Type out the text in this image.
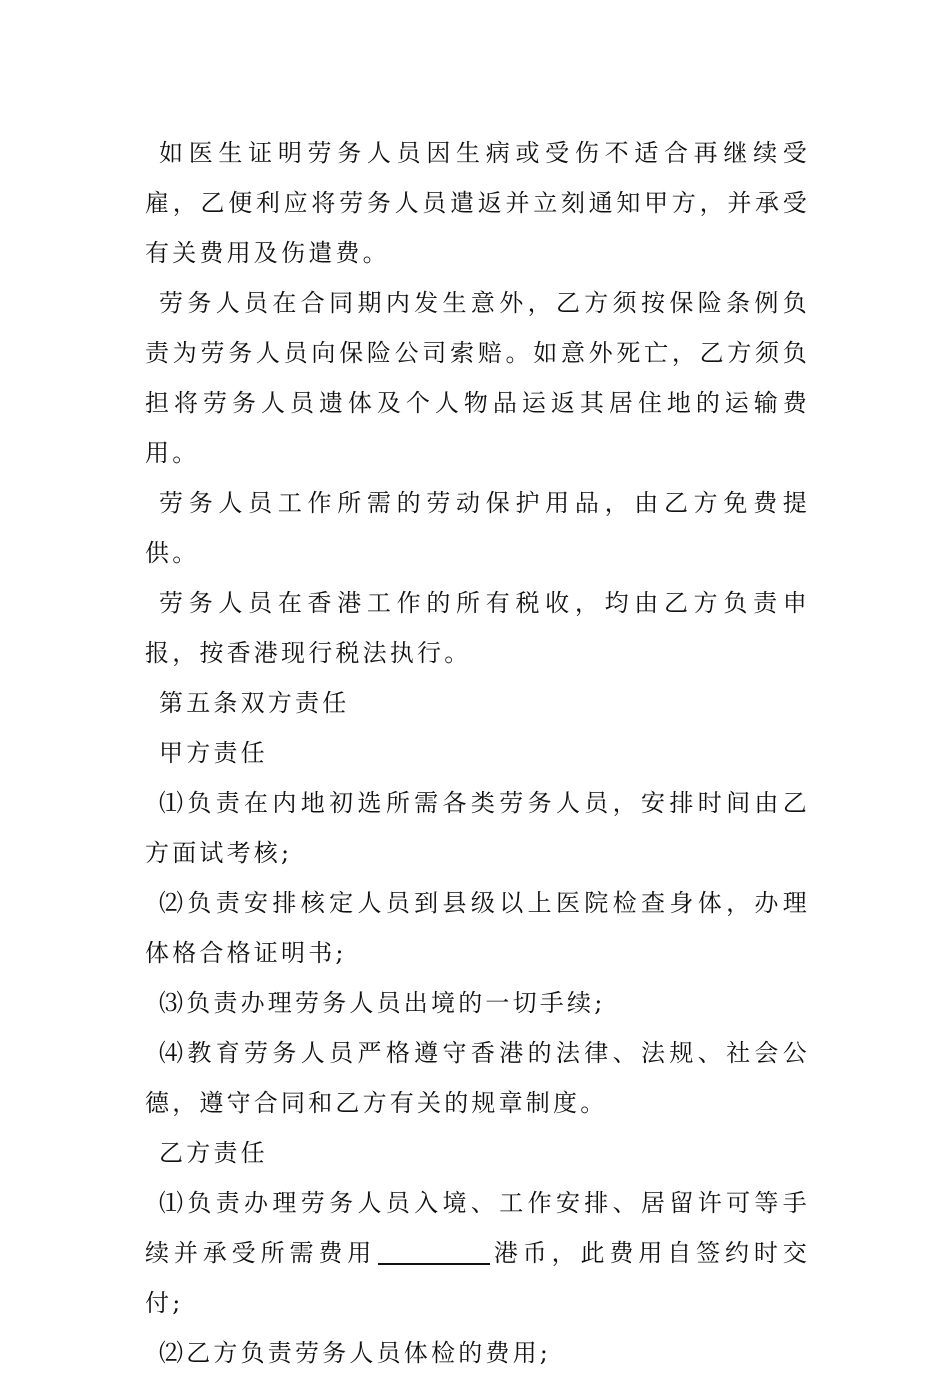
如医生证明劳务人员因生病或受伤不适合再继续受雇，乙便利应将劳务人员遣返并立刻通知甲方，并承受有关费用及伤遣费。

劳务人员在合同期内发生意外，乙方须按保险条例负责为劳务人员向保险公司索赔。如意外死亡，乙方须负担将劳务人员遗体及个人物品运返其居住地的运输费用。

劳务人员工作所需的劳动保护用品，由乙方免费提供。

劳务人员在香港工作的所有税收，均由乙方负责申报，按香港现行税法执行。

第五条双方责任

甲方责任

⑴负责在内地初选所需各类劳务人员，安排时间由乙方面试考核;

⑵负责安排核定人员到县级以上医院检查身体，办理体格合格证明书;

⑶负责办理劳务人员出境的一切手续;

⑷教育劳务人员严格遵守香港的法律、法规、社会公德，遵守合同和乙方有关的规章制度。

乙方责任

⑴负责办理劳务人员入境、工作安排、居留许可等手续并承受所需费用	港币，此费用自签约时交付;

⑵乙方负责劳务人员体检的费用;
